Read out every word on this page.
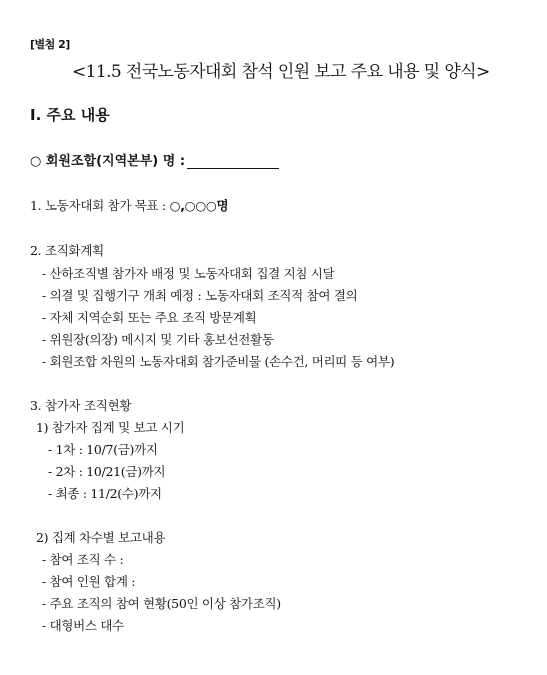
[별첨 2]
<11.5 전국노동자대회 참석 인원 보고 주요 내용 및 양식>
Ⅰ. 주요 내용
○ 회원조합(지역본부) 명 :
1. 노동자대회 참가 목표 : ○,○○○명
2. 조직화계획
- 산하조직별 참가자 배정 및 노동자대회 집결 지침 시달
- 의결 및 집행기구 개최 예정 : 노동자대회 조직적 참여 결의
- 자체 지역순회 또는 주요 조직 방문계획
- 위원장(의장) 메시지 및 기타 홍보선전활동
- 회원조합 차원의 노동자대회 참가준비물 (손수건, 머리띠 등 여부)
3. 참가자 조직현황
1) 참가자 집계 및 보고 시기
- 1차 : 10/7(금)까지
- 2차 : 10/21(금)까지
- 최종 : 11/2(수)까지
2) 집계 차수별 보고내용
- 참여 조직 수 :
- 참여 인원 합계 :
- 주요 조직의 참여 현황(50인 이상 참가조직)
- 대형버스 대수
